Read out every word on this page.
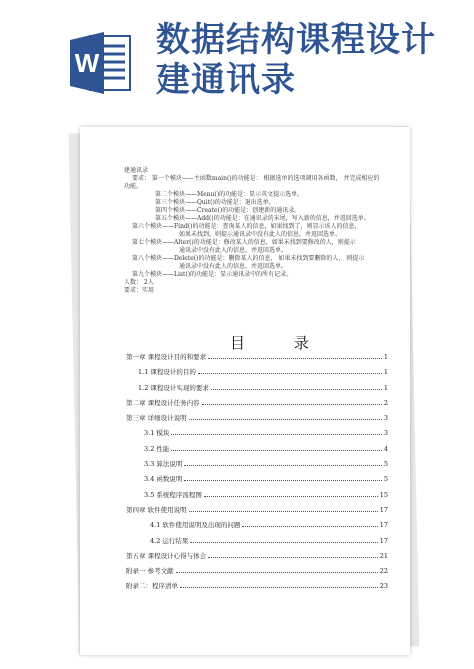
W
数据结构课程设计
建通讯录
建通讯录
要求： 第一个模块——主函数main()的功能是： 根据选单的选项调用各函数， 并完成相应的
功能。
第二个模块——Menu()的功能是：显示英文提示选单。
第三个模块——Quit()的功能是：退出选单。
第四个模块——Create()的功能是：创建新的通讯录。
第五个模块——Add()的功能是：在通讯录的末尾，写入新的信息，并返回选单。
第六个模块——Find()的功能是：查询某人的信息，如果找到了，则显示该人的信息，
如果未找到，则提示通讯录中没有此人的信息，并返回选单。
第七个模块——Alter()的功能是：修改某人的信息，如果未找到要修改的人，则提示
通讯录中没有此人的信息，并返回选单。
第八个模块——Delete()的功能是：删除某人的信息， 如果未找到要删除的人， 则提示
通讯录中没有此人的信息，并返回选单。
第九个模块——List()的功能是：显示通讯录中的所有记录。
人数： 2人
要求：实用
目 录
第一章 课程设计目的和要求	1
1.1 课程设计的目的	1
1.2 课程设计实现的要求	1
第二章 课程设计任务内容	2
第三章 详细设计说明	3
3.1 模块	3
3.2 性能	4
3.3 算法说明	5
3.4 函数说明	5
3.5 系统程序流程图	15
第四章 软件使用说明	17
4.1 软件使用说明及出现的问题	17
4.2 运行结果	17
第五章 课程设计心得与体会	21
附录一 参考文献	22
附录二：程序清单	23
